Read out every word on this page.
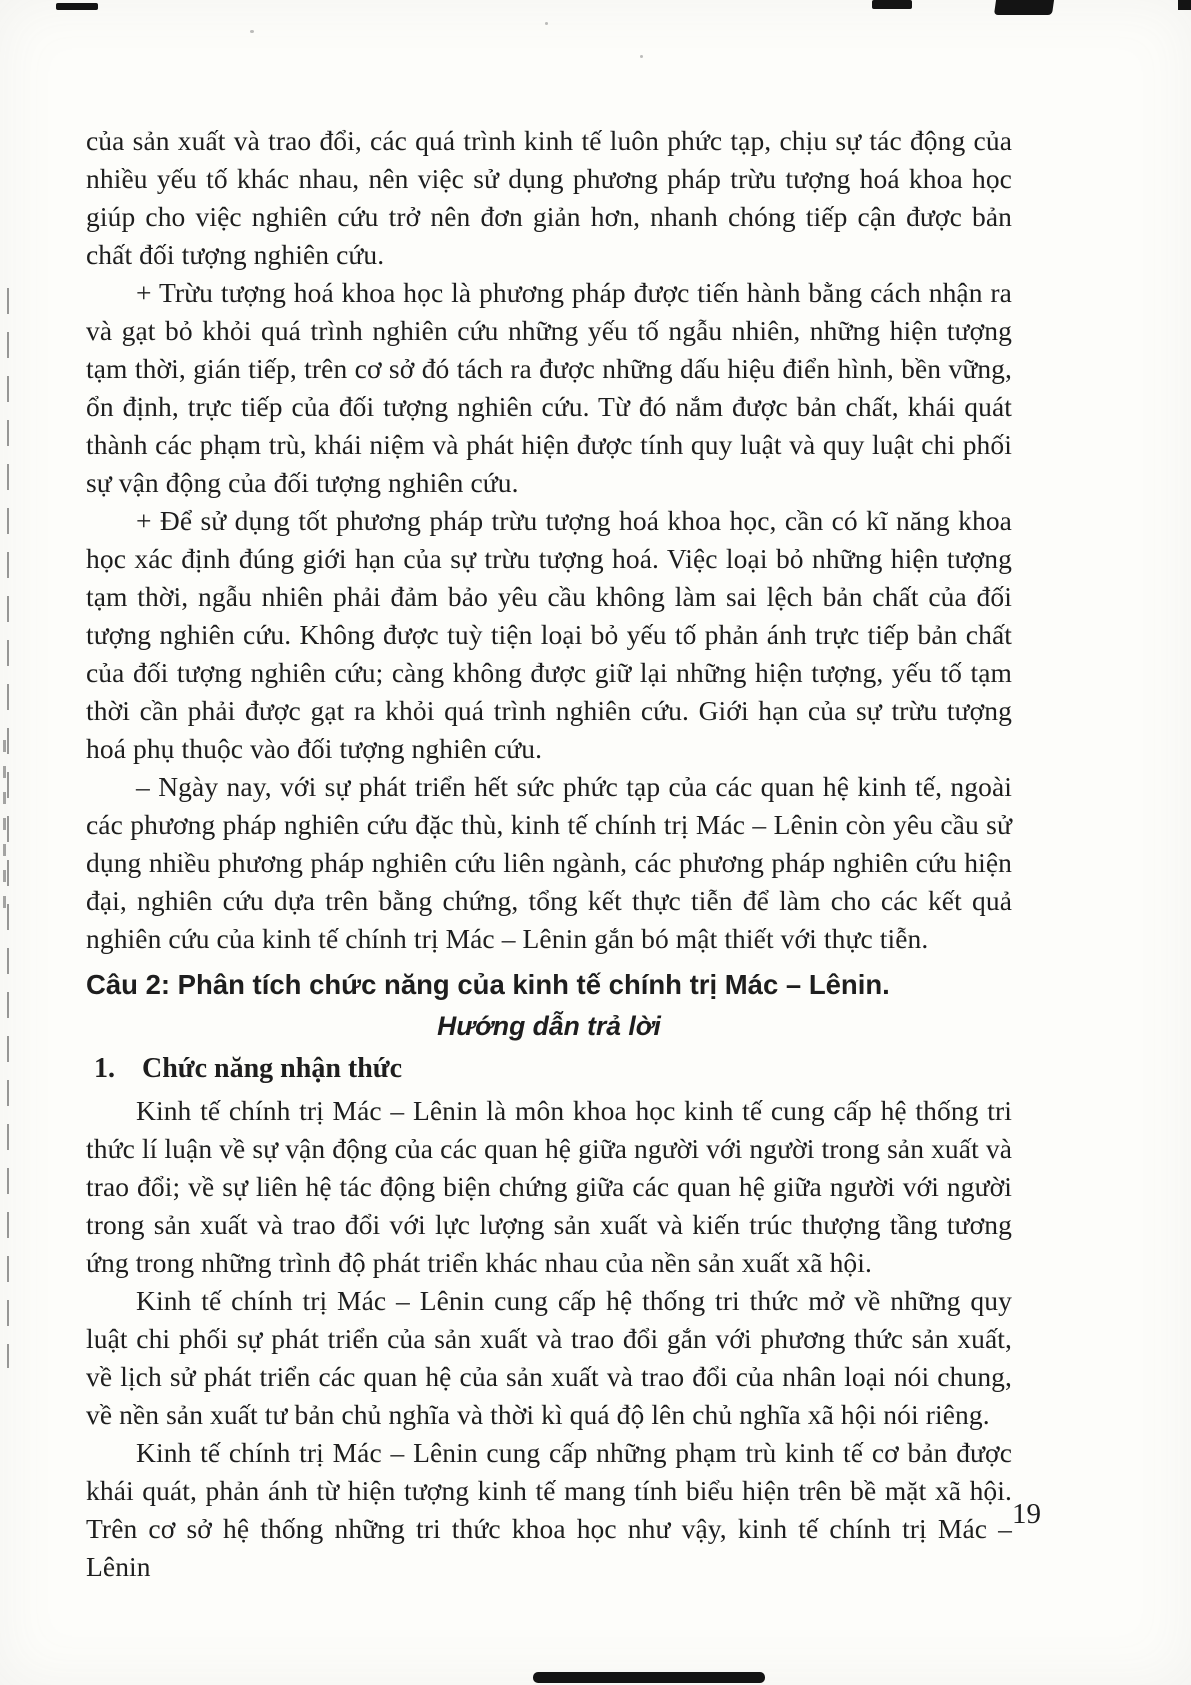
của sản xuất và trao đổi, các quá trình kinh tế luôn phức tạp, chịu sự tác động của nhiều yếu tố khác nhau, nên việc sử dụng phương pháp trừu tượng hoá khoa học giúp cho việc nghiên cứu trở nên đơn giản hơn, nhanh chóng tiếp cận được bản chất đối tượng nghiên cứu.

+ Trừu tượng hoá khoa học là phương pháp được tiến hành bằng cách nhận ra và gạt bỏ khỏi quá trình nghiên cứu những yếu tố ngẫu nhiên, những hiện tượng tạm thời, gián tiếp, trên cơ sở đó tách ra được những dấu hiệu điển hình, bền vững, ổn định, trực tiếp của đối tượng nghiên cứu. Từ đó nắm được bản chất, khái quát thành các phạm trù, khái niệm và phát hiện được tính quy luật và quy luật chi phối sự vận động của đối tượng nghiên cứu.

+ Để sử dụng tốt phương pháp trừu tượng hoá khoa học, cần có kĩ năng khoa học xác định đúng giới hạn của sự trừu tượng hoá. Việc loại bỏ những hiện tượng tạm thời, ngẫu nhiên phải đảm bảo yêu cầu không làm sai lệch bản chất của đối tượng nghiên cứu. Không được tuỳ tiện loại bỏ yếu tố phản ánh trực tiếp bản chất của đối tượng nghiên cứu; càng không được giữ lại những hiện tượng, yếu tố tạm thời cần phải được gạt ra khỏi quá trình nghiên cứu. Giới hạn của sự trừu tượng hoá phụ thuộc vào đối tượng nghiên cứu.

– Ngày nay, với sự phát triển hết sức phức tạp của các quan hệ kinh tế, ngoài các phương pháp nghiên cứu đặc thù, kinh tế chính trị Mác – Lênin còn yêu cầu sử dụng nhiều phương pháp nghiên cứu liên ngành, các phương pháp nghiên cứu hiện đại, nghiên cứu dựa trên bằng chứng, tổng kết thực tiễn để làm cho các kết quả nghiên cứu của kinh tế chính trị Mác – Lênin gắn bó mật thiết với thực tiễn.

Câu 2: Phân tích chức năng của kinh tế chính trị Mác – Lênin.

Hướng dẫn trả lời

1. Chức năng nhận thức

Kinh tế chính trị Mác – Lênin là môn khoa học kinh tế cung cấp hệ thống tri thức lí luận về sự vận động của các quan hệ giữa người với người trong sản xuất và trao đổi; về sự liên hệ tác động biện chứng giữa các quan hệ giữa người với người trong sản xuất và trao đổi với lực lượng sản xuất và kiến trúc thượng tầng tương ứng trong những trình độ phát triển khác nhau của nền sản xuất xã hội.

Kinh tế chính trị Mác – Lênin cung cấp hệ thống tri thức mở về những quy luật chi phối sự phát triển của sản xuất và trao đổi gắn với phương thức sản xuất, về lịch sử phát triển các quan hệ của sản xuất và trao đổi của nhân loại nói chung, về nền sản xuất tư bản chủ nghĩa và thời kì quá độ lên chủ nghĩa xã hội nói riêng.

Kinh tế chính trị Mác – Lênin cung cấp những phạm trù kinh tế cơ bản được khái quát, phản ánh từ hiện tượng kinh tế mang tính biểu hiện trên bề mặt xã hội. Trên cơ sở hệ thống những tri thức khoa học như vậy, kinh tế chính trị Mác – Lênin

19
